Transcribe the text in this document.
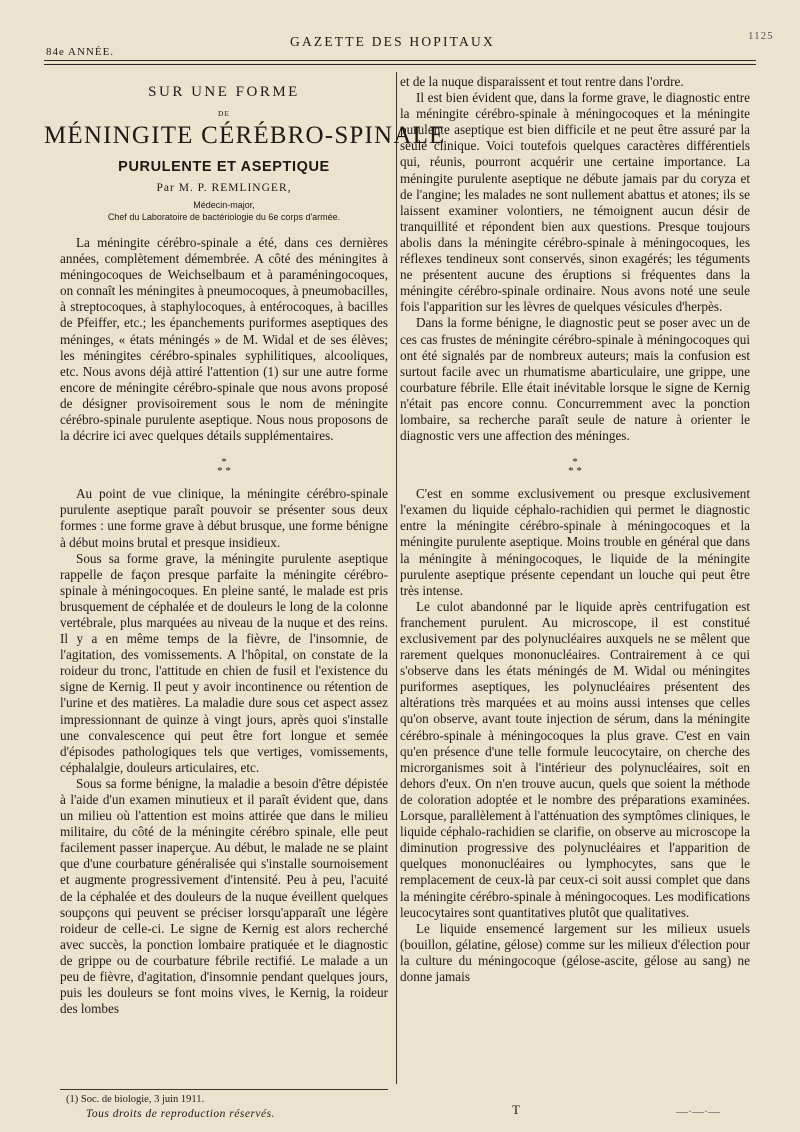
84e ANNÉE.
GAZETTE DES HOPITAUX	1125
SUR UNE FORME
DE
MÉNINGITE CÉRÉBRO-SPINALE
PURULENTE ET ASEPTIQUE
Par M. P. REMLINGER,
Médecin-major,
Chef du Laboratoire de bactériologie du 6e corps d'armée.

La méningite cérébro-spinale a été, dans ces dernières années, complètement démembrée. A côté des méningites à méningocoques de Weichselbaum et à paraméningocoques, on connaît les méningites à pneumocoques, à pneumobacilles, à streptocoques, à staphylocoques, à entérocoques, à bacilles de Pfeiffer, etc.; les épanchements puriformes aseptiques des méninges, « états méningés » de M. Widal et de ses élèves; les méningites cérébro-spinales syphilitiques, alcooliques, etc. Nous avons déjà attiré l'attention (1) sur une autre forme encore de méningite cérébro-spinale que nous avons proposé de désigner provisoirement sous le nom de méningite cérébro-spinale purulente aseptique. Nous nous proposons de la décrire ici avec quelques détails supplémentaires.

*
* *

Au point de vue clinique, la méningite cérébro-spinale purulente aseptique paraît pouvoir se présenter sous deux formes : une forme grave à début brusque, une forme bénigne à début moins brutal et presque insidieux.

Sous sa forme grave, la méningite purulente aseptique rappelle de façon presque parfaite la méningite cérébro-spinale à méningocoques. En pleine santé, le malade est pris brusquement de céphalée et de douleurs le long de la colonne vertébrale, plus marquées au niveau de la nuque et des reins. Il y a en même temps de la fièvre, de l'insomnie, de l'agitation, des vomissements. A l'hôpital, on constate de la roideur du tronc, l'attitude en chien de fusil et l'existence du signe de Kernig. Il peut y avoir incontinence ou rétention de l'urine et des matières. La maladie dure sous cet aspect assez impressionnant de quinze à vingt jours, après quoi s'installe une convalescence qui peut être fort longue et semée d'épisodes pathologiques tels que vertiges, vomissements, céphalalgie, douleurs articulaires, etc.

Sous sa forme bénigne, la maladie a besoin d'être dépistée à l'aide d'un examen minutieux et il paraît évident que, dans un milieu où l'attention est moins attirée que dans le milieu militaire, du côté de la méningite cérébro spinale, elle peut facilement passer inaperçue. Au début, le malade ne se plaint que d'une courbature généralisée qui s'installe sournoisement et augmente progressivement d'intensité. Peu à peu, l'acuité de la céphalée et des douleurs de la nuque éveillent quelques soupçons qui peuvent se préciser lorsqu'apparaît une légère roideur de celle-ci. Le signe de Kernig est alors recherché avec succès, la ponction lombaire pratiquée et le diagnostic de grippe ou de courbature fébrile rectifié. Le malade a un peu de fièvre, d'agitation, d'insomnie pendant quelques jours, puis les douleurs se font moins vives, le Kernig, la roideur des lombes

(1) Soc. de biologie, 3 juin 1911.

et de la nuque disparaissent et tout rentre dans l'ordre.

Il est bien évident que, dans la forme grave, le diagnostic entre la méningite cérébro-spinale à méningocoques et la méningite purulente aseptique est bien difficile et ne peut être assuré par la seule clinique. Voici toutefois quelques caractères différentiels qui, réunis, pourront acquérir une certaine importance. La méningite purulente aseptique ne débute jamais par du coryza et de l'angine; les malades ne sont nullement abattus et atones; ils se laissent examiner volontiers, ne témoignent aucun désir de tranquillité et répondent bien aux questions. Presque toujours abolis dans la méningite cérébro-spinale à méningocoques, les réflexes tendineux sont conservés, sinon exagérés; les téguments ne présentent aucune des éruptions si fréquentes dans la méningite cérébro-spinale ordinaire. Nous avons noté une seule fois l'apparition sur les lèvres de quelques vésicules d'herpès.

Dans la forme bénigne, le diagnostic peut se poser avec un de ces cas frustes de méningite cérébro-spinale à méningocoques qui ont été signalés par de nombreux auteurs; mais la confusion est surtout facile avec un rhumatisme abarticulaire, une grippe, une courbature fébrile. Elle était inévitable lorsque le signe de Kernig n'était pas encore connu. Concurremment avec la ponction lombaire, sa recherche paraît seule de nature à orienter le diagnostic vers une affection des méninges.

*
* *

C'est en somme exclusivement ou presque exclusivement l'examen du liquide céphalo-rachidien qui permet le diagnostic entre la méningite cérébro-spinale à méningocoques et la méningite purulente aseptique. Moins trouble en général que dans la méningite à méningocoques, le liquide de la méningite purulente aseptique présente cependant un louche qui peut être très intense.

Le culot abandonné par le liquide après centrifugation est franchement purulent. Au microscope, il est constitué exclusivement par des polynucléaires auxquels ne se mêlent que rarement quelques mononucléaires. Contrairement à ce qui s'observe dans les états méningés de M. Widal ou méningites puriformes aseptiques, les polynucléaires présentent des altérations très marquées et au moins aussi intenses que celles qu'on observe, avant toute injection de sérum, dans la méningite cérébro-spinale à méningocoques la plus grave. C'est en vain qu'en présence d'une telle formule leucocytaire, on cherche des microrganismes soit à l'intérieur des polynucléaires, soit en dehors d'eux. On n'en trouve aucun, quels que soient la méthode de coloration adoptée et le nombre des préparations examinées. Lorsque, parallèlement à l'atténuation des symptômes cliniques, le liquide céphalo-rachidien se clarifie, on observe au microscope la diminution progressive des polynucléaires et l'apparition de quelques mononucléaires ou lymphocytes, sans que le remplacement de ceux-là par ceux-ci soit aussi complet que dans la méningite cérébro-spinale à méningocoques. Les modifications leucocytaires sont quantitatives plutôt que qualitatives.

Le liquide ensemencé largement sur les milieux usuels (bouillon, gélatine, gélose) comme sur les milieux d'élection pour la culture du méningocoque (gélose-ascite, gélose au sang) ne donne jamais

Tous droits de reproduction réservés.	T	—·—·—
